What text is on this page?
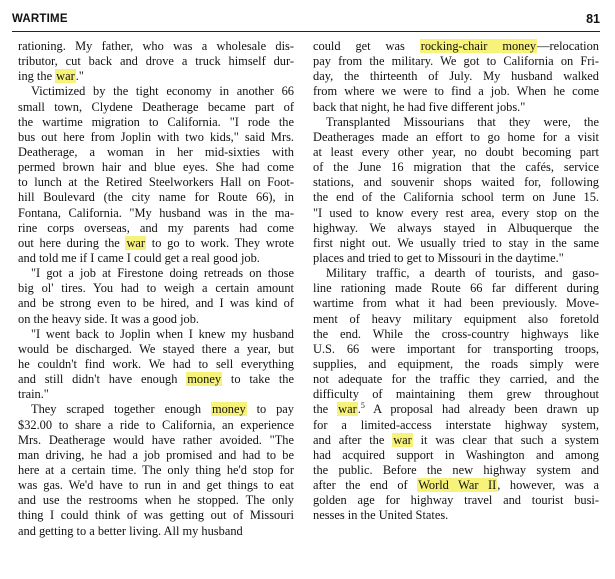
WARTIME	81
rationing. My father, who was a wholesale dis-
tributor, cut back and drove a truck himself dur-
ing the war."
Victimized by the tight economy in another 66
small town, Clydene Deatherage became part of
the wartime migration to California. "I rode the
bus out here from Joplin with two kids," said Mrs.
Deatherage, a woman in her mid-sixties with
permed brown hair and blue eyes. She had come
to lunch at the Retired Steelworkers Hall on Foot-
hill Boulevard (the city name for Route 66), in
Fontana, California. "My husband was in the ma-
rine corps overseas, and my parents had come
out here during the war to go to work. They wrote
and told me if I came I could get a real good job.
"I got a job at Firestone doing retreads on those
big ol' tires. You had to weigh a certain amount
and be strong even to be hired, and I was kind of
on the heavy side. It was a good job.
"I went back to Joplin when I knew my husband
would be discharged. We stayed there a year, but
he couldn't find work. We had to sell everything
and still didn't have enough money to take the
train."
They scraped together enough money to pay
$32.00 to share a ride to California, an experience
Mrs. Deatherage would have rather avoided. "The
man driving, he had a job promised and had to be
here at a certain time. The only thing he'd stop for
was gas. We'd have to run in and get things to eat
and use the restrooms when he stopped. The only
thing I could think of was getting out of Missouri
and getting to a better living. All my husband
could get was rocking-chair money—relocation
pay from the military. We got to California on Fri-
day, the thirteenth of July. My husband walked
from where we were to find a job. When he come
back that night, he had five different jobs."
Transplanted Missourians that they were, the
Deatherages made an effort to go home for a visit
at least every other year, no doubt becoming part
of the June 16 migration that the cafés, service
stations, and souvenir shops waited for, following
the end of the California school term on June 15.
"I used to know every rest area, every stop on the
highway. We always stayed in Albuquerque the
first night out. We usually tried to stay in the same
places and tried to get to Missouri in the daytime."
Military traffic, a dearth of tourists, and gaso-
line rationing made Route 66 far different during
wartime from what it had been previously. Move-
ment of heavy military equipment also foretold
the end. While the cross-country highways like
U.S. 66 were important for transporting troops,
supplies, and equipment, the roads simply were
not adequate for the traffic they carried, and the
difficulty of maintaining them grew throughout
the war.$^5$ A proposal had already been drawn up
for a limited-access interstate highway system,
and after the war it was clear that such a system
had acquired support in Washington and among
the public. Before the new highway system and
after the end of World War II, however, was a
golden age for highway travel and tourist busi-
nesses in the United States.
